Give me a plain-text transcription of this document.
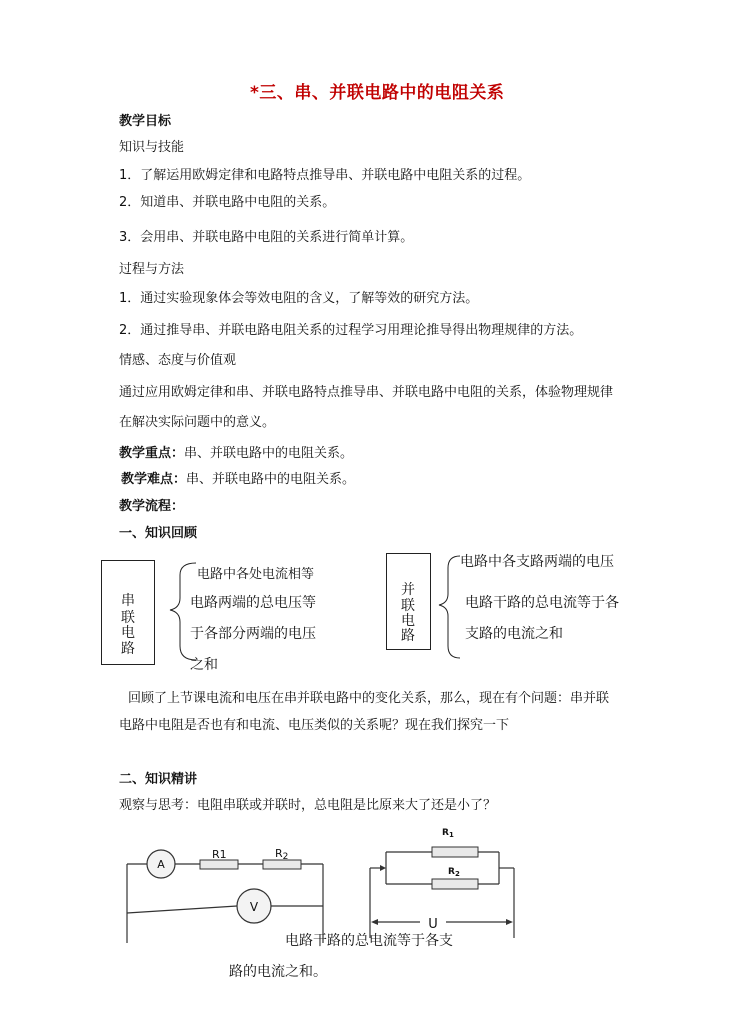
*三、串、并联电路中的电阻关系
教学目标
知识与技能
1．了解运用欧姆定律和电路特点推导串、并联电路中电阻关系的过程。
2．知道串、并联电路中电阻的关系。
3．会用串、并联电路中电阻的关系进行简单计算。
过程与方法
1．通过实验现象体会等效电阻的含义，了解等效的研究方法。
2．通过推导串、并联电路电阻关系的过程学习用理论推导得出物理规律的方法。
情感、态度与价值观
通过应用欧姆定律和串、并联电路特点推导串、并联电路中电阻的关系，体验物理规律
在解决实际问题中的意义。
教学重点：串、并联电路中的电阻关系。
教学难点：串、并联电路中的电阻关系。
教学流程：
一、知识回顾
串
联
电
路
电路中各处电流相等
电路两端的总电压等
于各部分两端的电压
之和
并
联
电
路
电路中各支路两端的电压
电路干路的总电流等于各
支路的电流之和
回顾了上节课电流和电压在串并联电路中的变化关系，那么，现在有个问题：串并联
电路中电阻是否也有和电流、电压类似的关系呢？现在我们探究一下
二、知识精讲
观察与思考：电阻串联或并联时，总电阻是比原来大了还是小了？
A
V
R1	R2
$R_1$
$R_2$
U
电路干路的总电流等于各支
路的电流之和。
